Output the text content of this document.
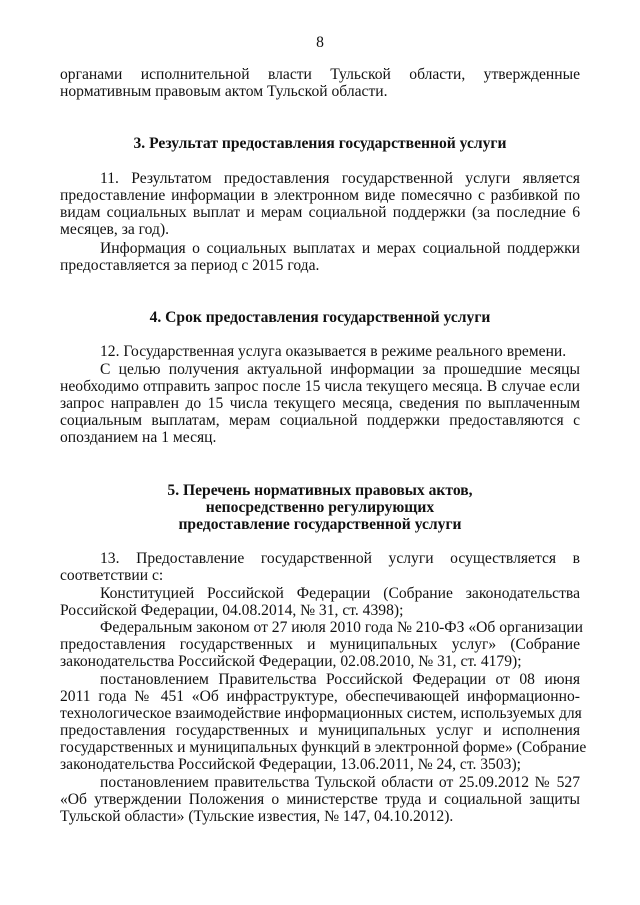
8
органами исполнительной власти Тульской области, утвержденные
нормативным правовым актом Тульской области.
3. Результат предоставления государственной услуги
11. Результатом предоставления государственной услуги является
предоставление информации в электронном виде помесячно с разбивкой по
видам социальных выплат и мерам социальной поддержки (за последние 6
месяцев, за год).
Информация о социальных выплатах и мерах социальной поддержки
предоставляется за период с 2015 года.
4. Срок предоставления государственной услуги
12. Государственная услуга оказывается в режиме реального времени.
С целью получения актуальной информации за прошедшие месяцы
необходимо отправить запрос после 15 числа текущего месяца. В случае если
запрос направлен до 15 числа текущего месяца, сведения по выплаченным
социальным выплатам, мерам социальной поддержки предоставляются с
опозданием на 1 месяц.
5. Перечень нормативных правовых актов,
непосредственно регулирующих
предоставление государственной услуги
13. Предоставление государственной услуги осуществляется в
соответствии с:
Конституцией Российской Федерации (Собрание законодательства
Российской Федерации, 04.08.2014, № 31, ст. 4398);
Федеральным законом от 27 июля 2010 года № 210-ФЗ «Об организации
предоставления государственных и муниципальных услуг» (Собрание
законодательства Российской Федерации, 02.08.2010, № 31, ст. 4179);
постановлением Правительства Российской Федерации от 08 июня
2011 года № 451 «Об инфраструктуре, обеспечивающей информационно-
технологическое взаимодействие информационных систем, используемых для
предоставления государственных и муниципальных услуг и исполнения
государственных и муниципальных функций в электронной форме» (Собрание
законодательства Российской Федерации, 13.06.2011, № 24, ст. 3503);
постановлением правительства Тульской области от 25.09.2012 № 527
«Об утверждении Положения о министерстве труда и социальной защиты
Тульской области» (Тульские известия, № 147, 04.10.2012).
